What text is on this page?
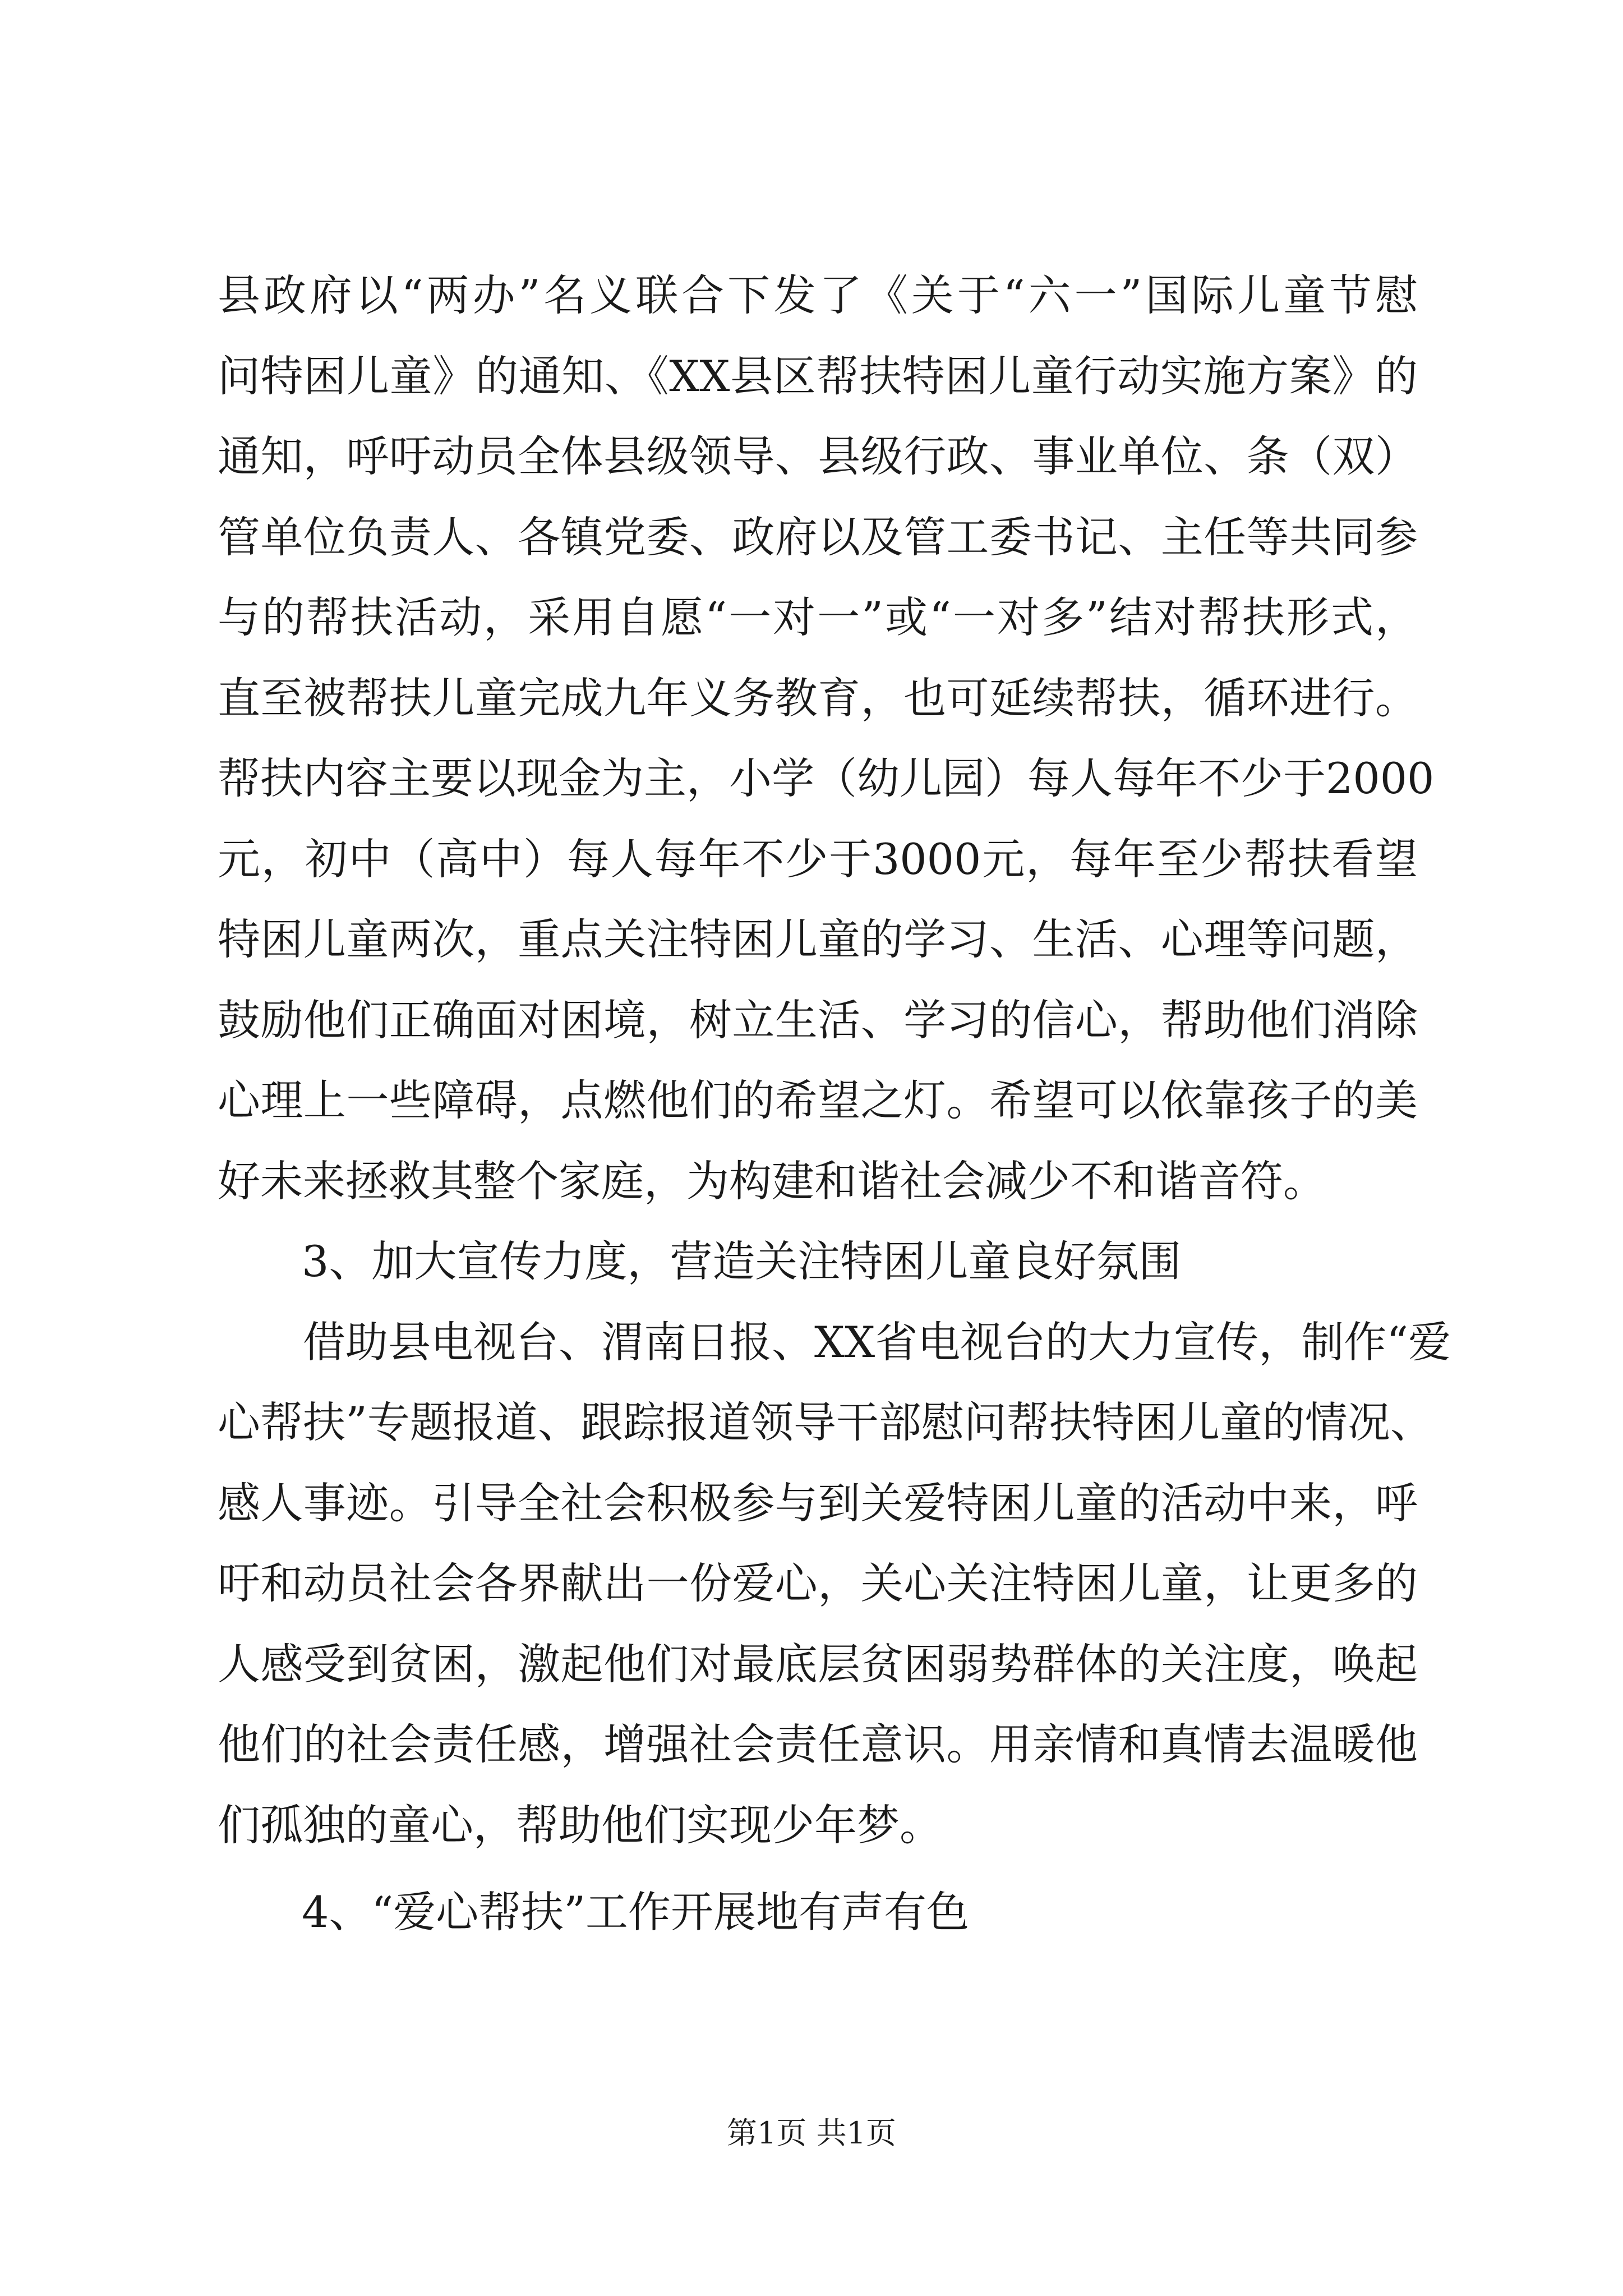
县政府以“两办”名义联合下发了《关于“六一”国际儿童节慰
问特困儿童》的通知、《XX县区帮扶特困儿童行动实施方案》的
通知，呼吁动员全体县级领导、县级行政、事业单位、条（双）
管单位负责人、各镇党委、政府以及管工委书记、主任等共同参
与的帮扶活动，采用自愿“一对一”或“一对多”结对帮扶形式，
直至被帮扶儿童完成九年义务教育，也可延续帮扶，循环进行。
帮扶内容主要以现金为主，小学（幼儿园）每人每年不少于2000
元，初中（高中）每人每年不少于3000元，每年至少帮扶看望
特困儿童两次，重点关注特困儿童的学习、生活、心理等问题，
鼓励他们正确面对困境，树立生活、学习的信心，帮助他们消除
心理上一些障碍，点燃他们的希望之灯。希望可以依靠孩子的美
好未来拯救其整个家庭，为构建和谐社会减少不和谐音符。
3、加大宣传力度，营造关注特困儿童良好氛围
　　借助县电视台、渭南日报、XX省电视台的大力宣传，制作“爱
心帮扶”专题报道、跟踪报道领导干部慰问帮扶特困儿童的情况、
感人事迹。引导全社会积极参与到关爱特困儿童的活动中来，呼
吁和动员社会各界献出一份爱心，关心关注特困儿童，让更多的
人感受到贫困，激起他们对最底层贫困弱势群体的关注度，唤起
他们的社会责任感，增强社会责任意识。用亲情和真情去温暖他
们孤独的童心，帮助他们实现少年梦。
4、“爱心帮扶”工作开展地有声有色
第1页 共1页
